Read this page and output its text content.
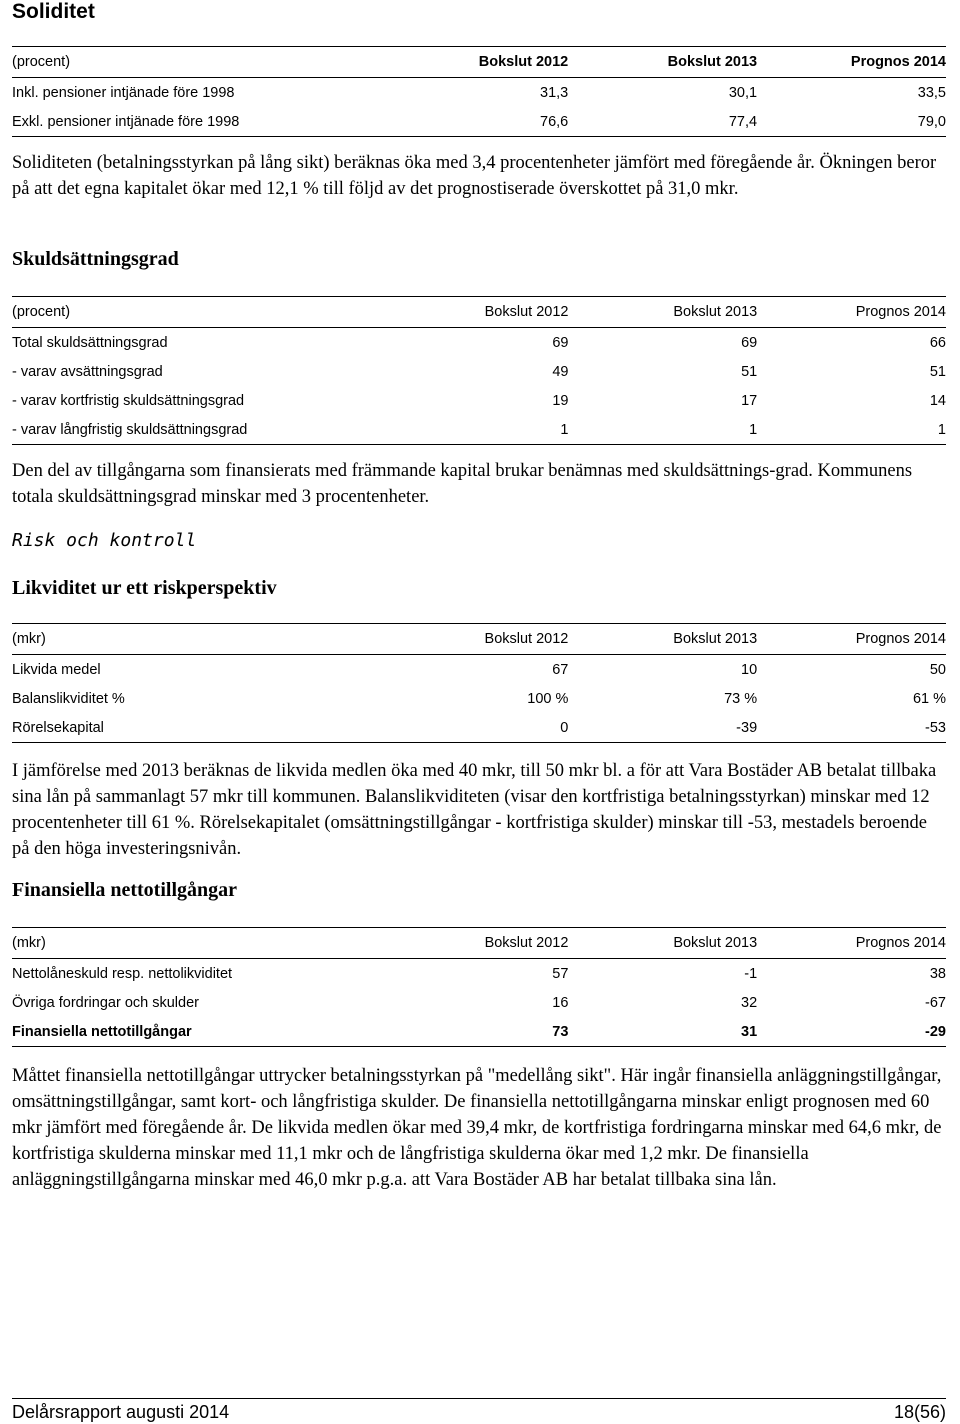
Soliditet
(procent)	Bokslut 2012	Bokslut 2013	Prognos 2014
Inkl. pensioner intjänade före 1998	31,3	30,1	33,5
Exkl. pensioner intjänade före 1998	76,6	77,4	79,0

Soliditeten (betalningsstyrkan på lång sikt) beräknas öka med 3,4 procentenheter jämfört med föregående år. Ökningen beror på att det egna kapitalet ökar med 12,1 % till följd av det prognostiserade överskottet på 31,0 mkr.

Skuldsättningsgrad
(procent)	Bokslut 2012	Bokslut 2013	Prognos 2014
Total skuldsättningsgrad	69	69	66
- varav avsättningsgrad	49	51	51
- varav kortfristig skuldsättningsgrad	19	17	14
- varav långfristig skuldsättningsgrad	1	1	1

Den del av tillgångarna som finansierats med främmande kapital brukar benämnas med skuldsättnings-grad. Kommunens totala skuldsättningsgrad minskar med 3 procentenheter.

Risk och kontroll
Likviditet ur ett riskperspektiv
(mkr)	Bokslut 2012	Bokslut 2013	Prognos 2014
Likvida medel	67	10	50
Balanslikviditet %	100 %	73 %	61 %
Rörelsekapital	0	-39	-53

I jämförelse med 2013 beräknas de likvida medlen öka med 40 mkr, till 50 mkr bl. a för att Vara Bostäder AB betalat tillbaka sina lån på sammanlagt 57 mkr till kommunen. Balanslikviditeten (visar den kortfristiga betalningsstyrkan) minskar med 12 procentenheter till 61 %. Rörelsekapitalet (omsättningstillgångar - kortfristiga skulder) minskar till -53, mestadels beroende på den höga investeringsnivån.

Finansiella nettotillgångar
(mkr)	Bokslut 2012	Bokslut 2013	Prognos 2014
Nettolåneskuld resp. nettolikviditet	57	-1	38
Övriga fordringar och skulder	16	32	-67
Finansiella nettotillgångar	73	31	-29

Måttet finansiella nettotillgångar uttrycker betalningsstyrkan på "medellång sikt". Här ingår finansiella anläggningstillgångar, omsättningstillgångar, samt kort- och långfristiga skulder. De finansiella nettotillgångarna minskar enligt prognosen med 60 mkr jämfört med föregående år. De likvida medlen ökar med 39,4 mkr, de kortfristiga fordringarna minskar med 64,6 mkr, de kortfristiga skulderna minskar med 11,1 mkr och de långfristiga skulderna ökar med 1,2 mkr. De finansiella anläggningstillgångarna minskar med 46,0 mkr p.g.a. att Vara Bostäder AB har betalat tillbaka sina lån.

Delårsrapport augusti 2014	18(56)
